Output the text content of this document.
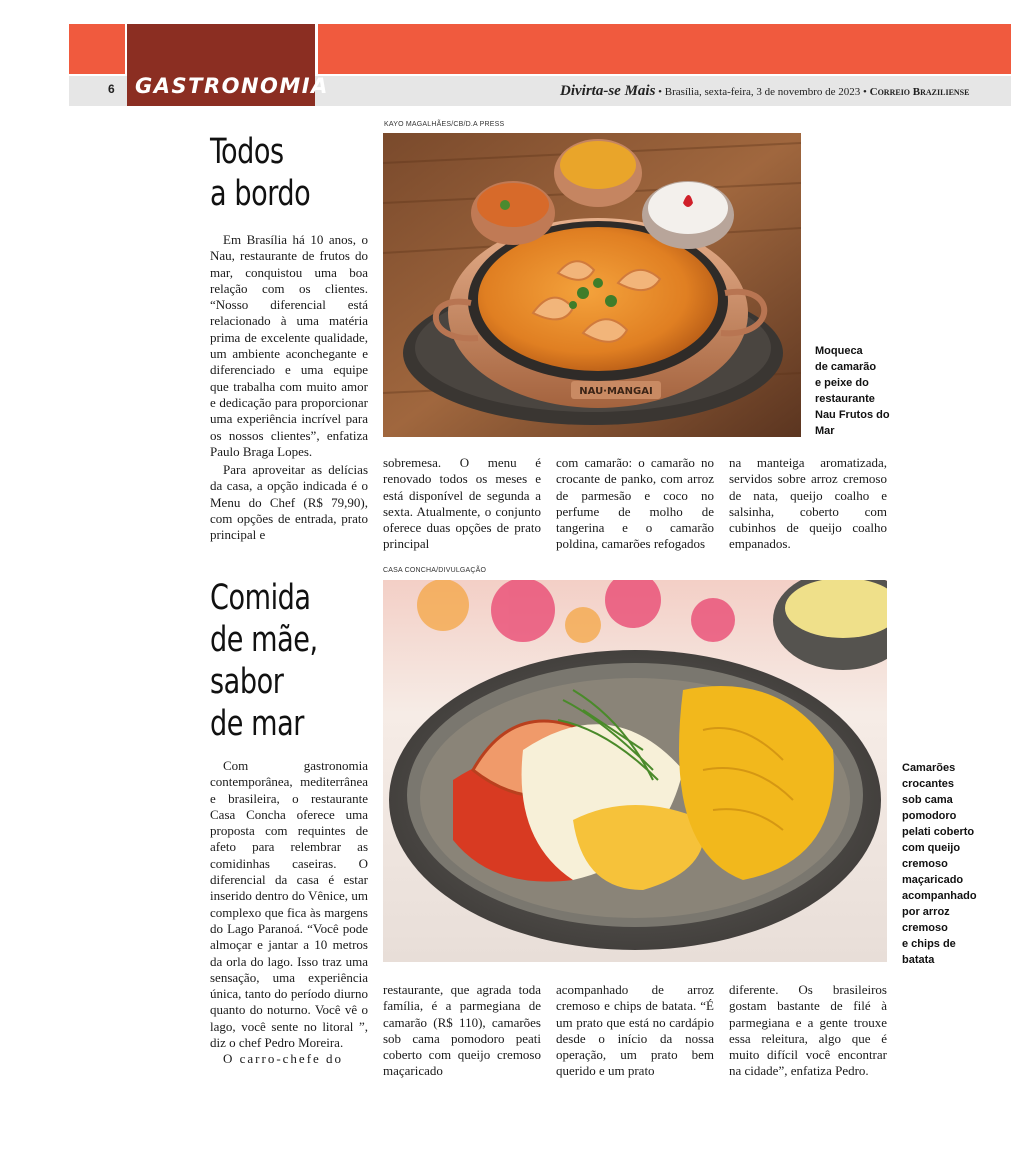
6 GASTRONOMIA	Divirta-se Mais • Brasília, sexta-feira, 3 de novembro de 2023 • Correio Braziliense
Todos
a bordo
KAYO MAGALHÃES/CB/D.A PRESS
NAU·MANGAI
Moqueca
de camarão
e peixe do
restaurante
Nau Frutos do
Mar

Em Brasília há 10 anos, o Nau, restaurante de frutos do mar, conquistou uma boa relação com os clientes. “Nosso diferencial está relacionado à uma matéria prima de excelente qualidade, um ambiente aconchegante e diferenciado e uma equipe que trabalha com muito amor e dedicação para proporcionar uma experiência incrível para os nossos clientes”, enfatiza Paulo Braga Lopes.

Para aproveitar as delícias da casa, a opção indicada é o Menu do Chef (R$ 79,90), com opções de entrada, prato principal e

sobremesa. O menu é renovado todos os meses e está disponível de segunda a sexta. Atualmente, o conjunto oferece duas opções de prato principal

com camarão: o camarão no crocante de panko, com arroz de parmesão e coco no perfume de molho de tangerina e o camarão poldina, camarões refogados

na manteiga aromatizada, servidos sobre arroz cremoso de nata, queijo coalho e salsinha, coberto com cubinhos de queijo coalho empanados.

Comida
de mãe,
sabor
de mar
CASA CONCHA/DIVULGAÇÃO
Camarões
crocantes
sob cama
pomodoro
pelati coberto
com queijo
cremoso
maçaricado
acompanhado
por arroz
cremoso
e chips de
batata

Com gastronomia contemporânea, mediterrânea e brasileira, o restaurante Casa Concha oferece uma proposta com requintes de afeto para relembrar as comidinhas caseiras. O diferencial da casa é estar inserido dentro do Vênice, um complexo que fica às margens do Lago Paranoá. “Você pode almoçar e jantar a 10 metros da orla do lago. Isso traz uma sensação, uma experiência única, tanto do período diurno quanto do noturno. Você vê o lago, você sente no litoral ”, diz o chef Pedro Moreira.

O carro-chefe do

restaurante, que agrada toda família, é a parmegiana de camarão (R$ 110), camarões sob cama pomodoro peati coberto com queijo cremoso maçaricado

acompanhado de arroz cremoso e chips de batata. “É um prato que está no cardápio desde o início da nossa operação, um prato bem querido e um prato

diferente. Os brasileiros gostam bastante de filé à parmegiana e a gente trouxe essa releitura, algo que é muito difícil você encontrar na cidade”, enfatiza Pedro.
